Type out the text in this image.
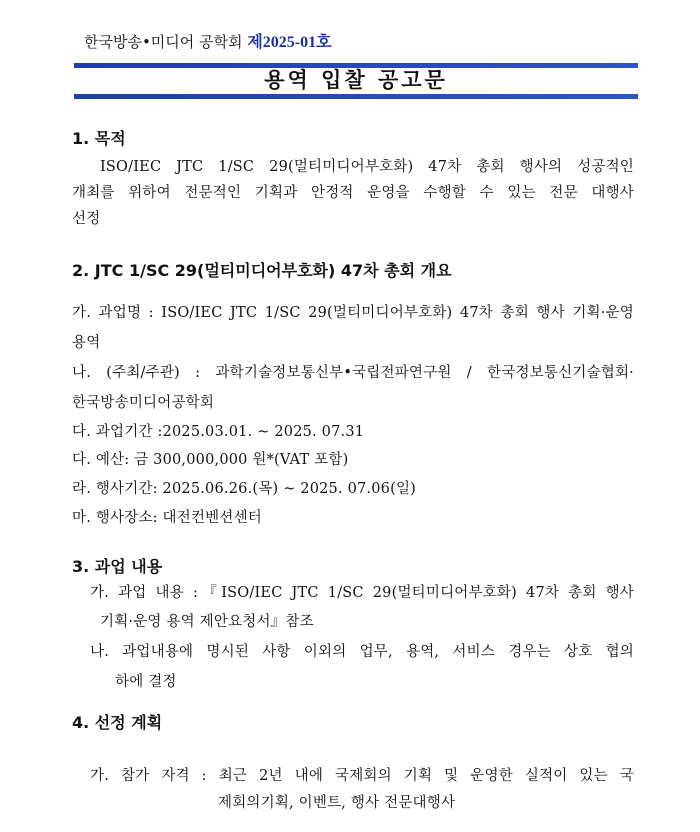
한국방송•미디어 공학회 제2025-01호
용역 입찰 공고문
1. 목적
ISO/IEC JTC 1/SC 29(멀티미디어부호화) 47차 총회 행사의 성공적인
개최를 위하여 전문적인 기획과 안정적 운영을 수행할 수 있는 전문 대행사
선정
2. JTC 1/SC 29(멀티미디어부호화) 47차 총회 개요
가. 과업명 : ISO/IEC JTC 1/SC 29(멀티미디어부호화) 47차 총회 행사 기획·운영
용역
나. (주최/주관) : 과학기술정보통신부•국립전파연구원 / 한국정보통신기술협회·
한국방송미디어공학회
다. 과업기간 :2025.03.01. ~ 2025. 07.31
다. 예산: 금 300,000,000 원*(VAT 포함)
라. 행사기간: 2025.06.26.(목) ~ 2025. 07.06(일)
마. 행사장소: 대전컨벤션센터
3. 과업 내용
가. 과업 내용 :『ISO/IEC JTC 1/SC 29(멀티미디어부호화) 47차 총회 행사
기획·운영 용역 제안요청서』참조
나. 과업내용에 명시된 사항 이외의 업무, 용역, 서비스 경우는 상호 협의
하에 결정
4. 선정 계획
가. 참가 자격 : 최근 2년 내에 국제회의 기획 및 운영한 실적이 있는 국
제회의기획, 이벤트, 행사 전문대행사
